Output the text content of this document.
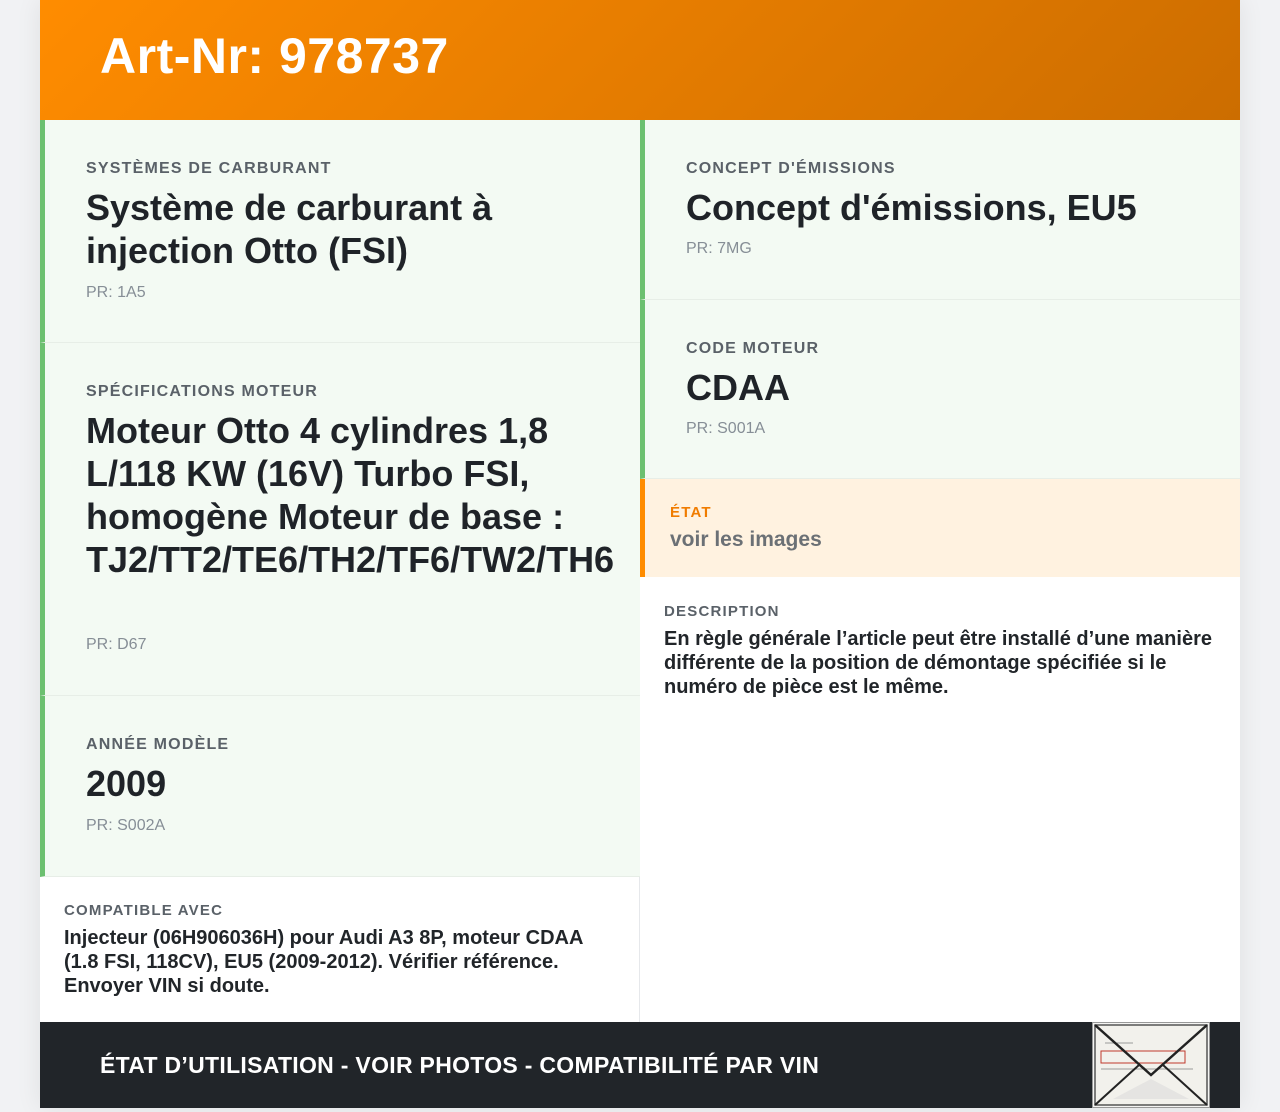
Art-Nr: 978737
SYSTÈMES DE CARBURANT
Système de carburant à injection Otto (FSI)
PR: 1A5
SPÉCIFICATIONS MOTEUR
Moteur Otto 4 cylindres 1,8 L/118 KW (16V) Turbo FSI, homogène Moteur de base : TJ2/TT2/TE6/TH2/TF6/TW2/TH6
PR: D67
ANNÉE MODÈLE
2009
PR: S002A
COMPATIBLE AVEC
Injecteur (06H906036H) pour Audi A3 8P, moteur CDAA (1.8 FSI, 118CV), EU5 (2009-2012). Vérifier référence. Envoyer VIN si doute.
CONCEPT D'ÉMISSIONS
Concept d'émissions, EU5
PR: 7MG
CODE MOTEUR
CDAA
PR: S001A
ÉTAT
voir les images
DESCRIPTION
En règle générale l’article peut être installé d’une manière différente de la position de démontage spécifiée si le numéro de pièce est le même.
ÉTAT D’UTILISATION - VOIR PHOTOS - COMPATIBILITÉ PAR VIN
